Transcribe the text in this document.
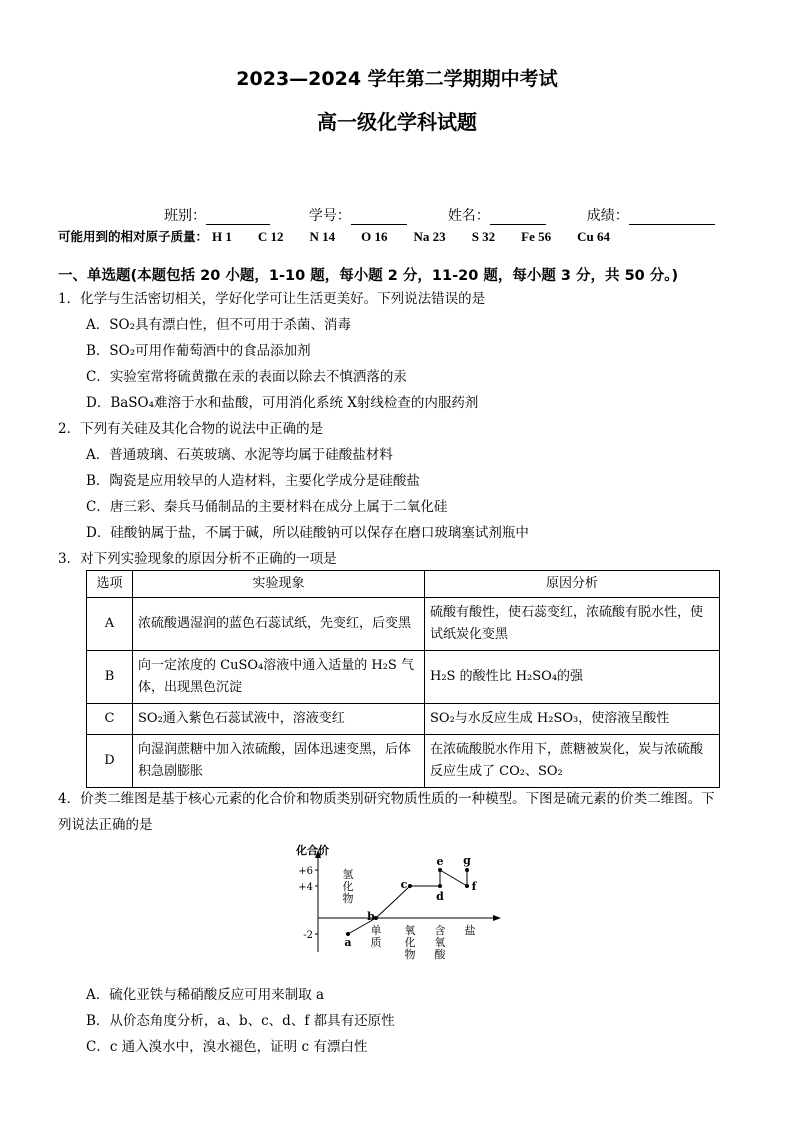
2023—2024 学年第二学期期中考试
高一级化学科试题
班别：	学号：	姓名：	成绩：
可能用到的相对原子质量： H 1 C 12 N 14 O 16 Na 23 S 32 Fe 56 Cu 64
一、单选题(本题包括 20 小题，1-10 题，每小题 2 分，11-20 题，每小题 3 分，共 50 分。)
1．化学与生活密切相关，学好化学可让生活更美好。下列说法错误的是
A．SO₂具有漂白性，但不可用于杀菌、消毒
B．SO₂可用作葡萄酒中的食品添加剂
C．实验室常将硫黄撒在汞的表面以除去不慎洒落的汞
D．BaSO₄难溶于水和盐酸，可用消化系统 X射线检查的内服药剂
2．下列有关硅及其化合物的说法中正确的是
A．普通玻璃、石英玻璃、水泥等均属于硅酸盐材料
B．陶瓷是应用较早的人造材料，主要化学成分是硅酸盐
C．唐三彩、秦兵马俑制品的主要材料在成分上属于二氧化硅
D．硅酸钠属于盐，不属于碱，所以硅酸钠可以保存在磨口玻璃塞试剂瓶中
3．对下列实验现象的原因分析不正确的一项是
选项	实验现象	原因分析
A	浓硫酸遇湿润的蓝色石蕊试纸，先变红，后变黑	硫酸有酸性，使石蕊变红，浓硫酸有脱水性，使试纸炭化变黑
B	向一定浓度的 CuSO₄溶液中通入适量的 H₂S 气体，出现黑色沉淀	H₂S 的酸性比 H₂SO₄的强
C	SO₂通入紫色石蕊试液中，溶液变红	SO₂与水反应生成 H₂SO₃，使溶液呈酸性
D	向湿润蔗糖中加入浓硫酸，固体迅速变黑，后体积急剧膨胀	在浓硫酸脱水作用下，蔗糖被炭化，炭与浓硫酸反应生成了 CO₂、SO₂
4．价类二维图是基于核心元素的化合价和物质类别研究物质性质的一种模型。下图是硫元素的价类二维图。下
列说法正确的是
化合价
+6
+4
-2
氢
化
物
单
质
氧
化
物
含
氧
酸
盐
a
b
c
d
e
f
g
A．硫化亚铁与稀硝酸反应可用来制取 a
B．从价态角度分析，a、b、c、d、f 都具有还原性
C．c 通入溴水中，溴水褪色，证明 c 有漂白性
